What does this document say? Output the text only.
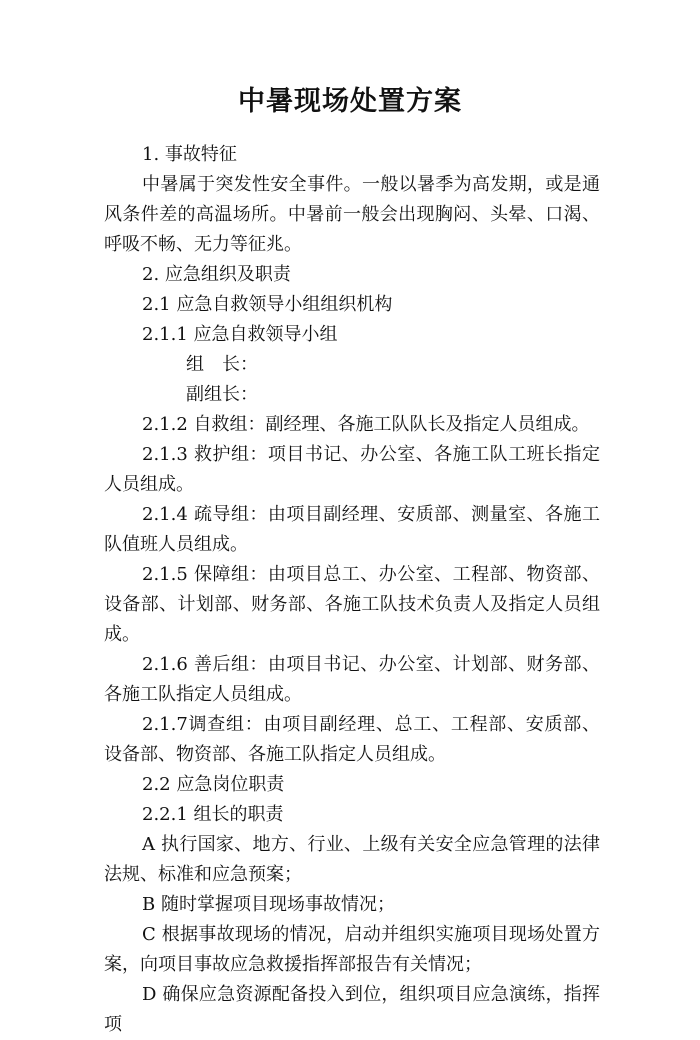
中暑现场处置方案

1. 事故特征

中暑属于突发性安全事件。一般以暑季为高发期，或是通风条件差的高温场所。中暑前一般会出现胸闷、头晕、口渴、呼吸不畅、无力等征兆。

2. 应急组织及职责

2.1 应急自救领导小组组织机构

2.1.1 应急自救领导小组

组　长：

副组长：

2.1.2 自救组：副经理、各施工队队长及指定人员组成。

2.1.3 救护组：项目书记、办公室、各施工队工班长指定人员组成。

2.1.4 疏导组：由项目副经理、安质部、测量室、各施工队值班人员组成。

2.1.5 保障组：由项目总工、办公室、工程部、物资部、设备部、计划部、财务部、各施工队技术负责人及指定人员组成。

2.1.6 善后组：由项目书记、办公室、计划部、财务部、各施工队指定人员组成。

2.1.7调查组：由项目副经理、总工、工程部、安质部、设备部、物资部、各施工队指定人员组成。

2.2 应急岗位职责

2.2.1 组长的职责

A 执行国家、地方、行业、上级有关安全应急管理的法律法规、标准和应急预案；

B 随时掌握项目现场事故情况；

C 根据事故现场的情况，启动并组织实施项目现场处置方案，向项目事故应急救援指挥部报告有关情况；

D 确保应急资源配备投入到位，组织项目应急演练，指挥项
